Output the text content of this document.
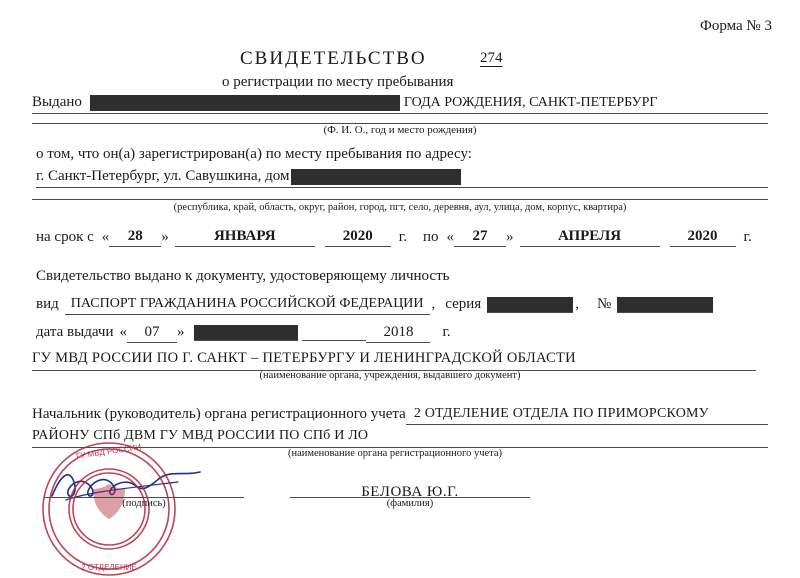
Форма № 3
СВИДЕТЕЛЬСТВО	274
о регистрации по месту пребывания
Выдано	ГОДА РОЖДЕНИЯ, САНКТ-ПЕТЕРБУРГ
(Ф. И. О., год и место рождения)
о том, что он(а) зарегистрирован(а) по месту пребывания по адресу:
г. Санкт-Петербург, ул. Савушкина, дом
(республика, край, область, округ, район, город, пгт, село, деревня, аул, улица, дом, корпус, квартира)
на срок с «	28	»	ЯНВАРЯ	2020	г.	по «	27	»	АПРЕЛЯ	2020	г.
Свидетельство выдано к документу, удостоверяющему личность
вид ПАСПОРТ ГРАЖДАНИНА РОССИЙСКОЙ ФЕДЕРАЦИИ , серия	,	№
дата выдачи «	07	»	2018	г.
ГУ МВД РОССИИ ПО Г. САНКТ – ПЕТЕРБУРГУ И ЛЕНИНГРАДСКОЙ ОБЛАСТИ
(наименование органа, учреждения, выдавшего документ)
Начальник (руководитель) органа регистрационного учета 2 ОТДЕЛЕНИЕ ОТДЕЛА ПО ПРИМОРСКОМУ
РАЙОНУ СПб ДВМ ГУ МВД РОССИИ ПО СПб И ЛО
(наименование органа регистрационного учета)
ГУ МВД РОССИИ
2 ОТДЕЛЕНИЕ
(подпись)
БЕЛОВА Ю.Г.
(фамилия)
